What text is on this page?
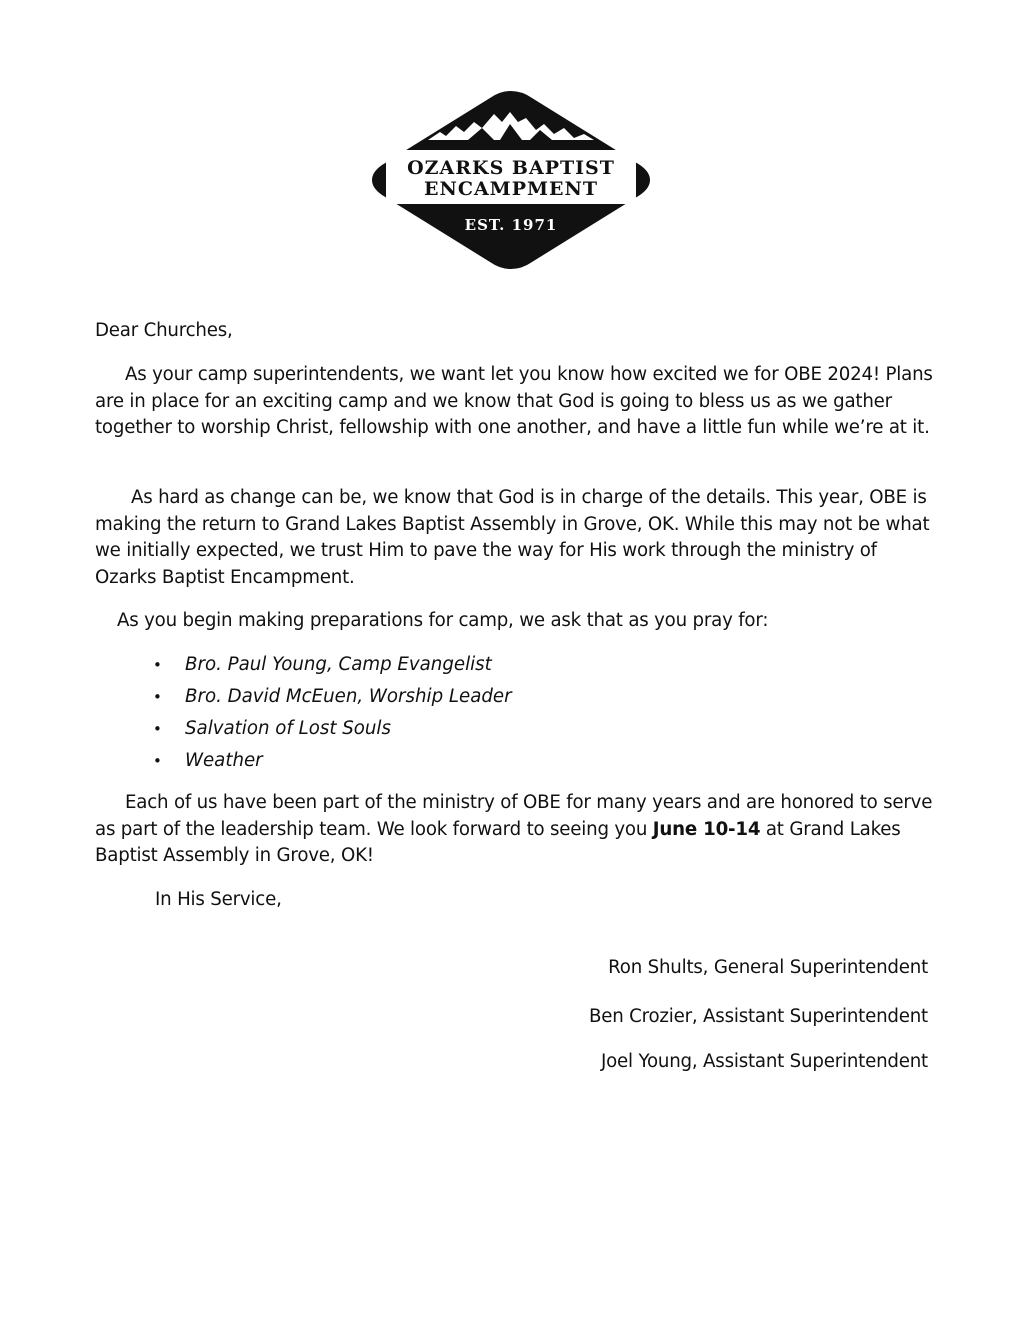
OZARKS BAPTIST
ENCAMPMENT
EST. 1971
Dear Churches,
As your camp superintendents, we want let you know how excited we for OBE 2024! Plans are in place for an exciting camp and we know that God is going to bless us as we gather together to worship Christ, fellowship with one another, and have a little fun while we’re at it.
As hard as change can be, we know that God is in charge of the details. This year, OBE is making the return to Grand Lakes Baptist Assembly in Grove, OK. While this may not be what we initially expected, we trust Him to pave the way for His work through the ministry of Ozarks Baptist Encampment.
As you begin making preparations for camp, we ask that as you pray for:
• Bro. Paul Young, Camp Evangelist
• Bro. David McEuen, Worship Leader
• Salvation of Lost Souls
• Weather
Each of us have been part of the ministry of OBE for many years and are honored to serve as part of the leadership team. We look forward to seeing you June 10-14 at Grand Lakes Baptist Assembly in Grove, OK!
In His Service,
Ron Shults, General Superintendent
Ben Crozier, Assistant Superintendent
Joel Young, Assistant Superintendent
